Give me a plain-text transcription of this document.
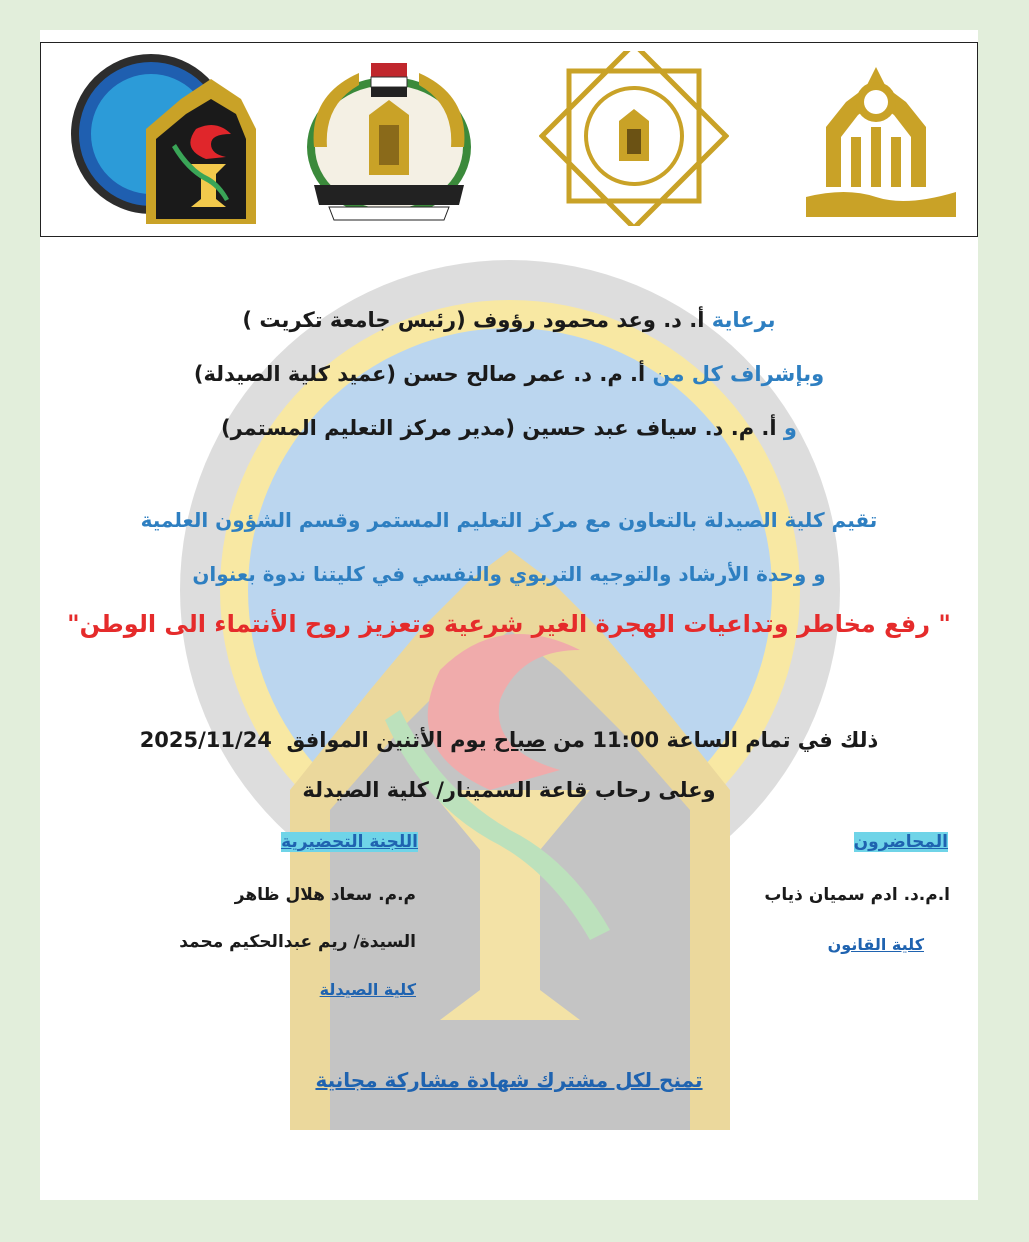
برعاية أ. د. وعد محمود رؤوف (رئيس جامعة تكريت )
وبإشراف كل من أ. م. د. عمر صالح حسن (عميد كلية الصيدلة)
و أ. م. د. سياف عبد حسين (مدير مركز التعليم المستمر)
تقيم كلية الصيدلة بالتعاون مع مركز التعليم المستمر وقسم الشؤون العلمية
و وحدة الأرشاد والتوجيه التربوي والنفسي في كليتنا ندوة بعنوان
" رفع مخاطر وتداعيات الهجرة الغير شرعية وتعزيز روح الأنتماء الى الوطن"
ذلك في تمام الساعة 11:00 من صباح يوم الأثنين الموافق  2025/11/24
وعلى رحاب قاعة السمينار/ كلية الصيدلة
المحاضرون
ا.م.د. ادم سميان ذياب
كلية القانون
اللجنة التحضيرية
م.م. سعاد هلال ظاهر
السيدة/ ريم عبدالحكيم محمد
كلية الصيدلة
تمنح لكل مشترك شهادة مشاركة مجانية
